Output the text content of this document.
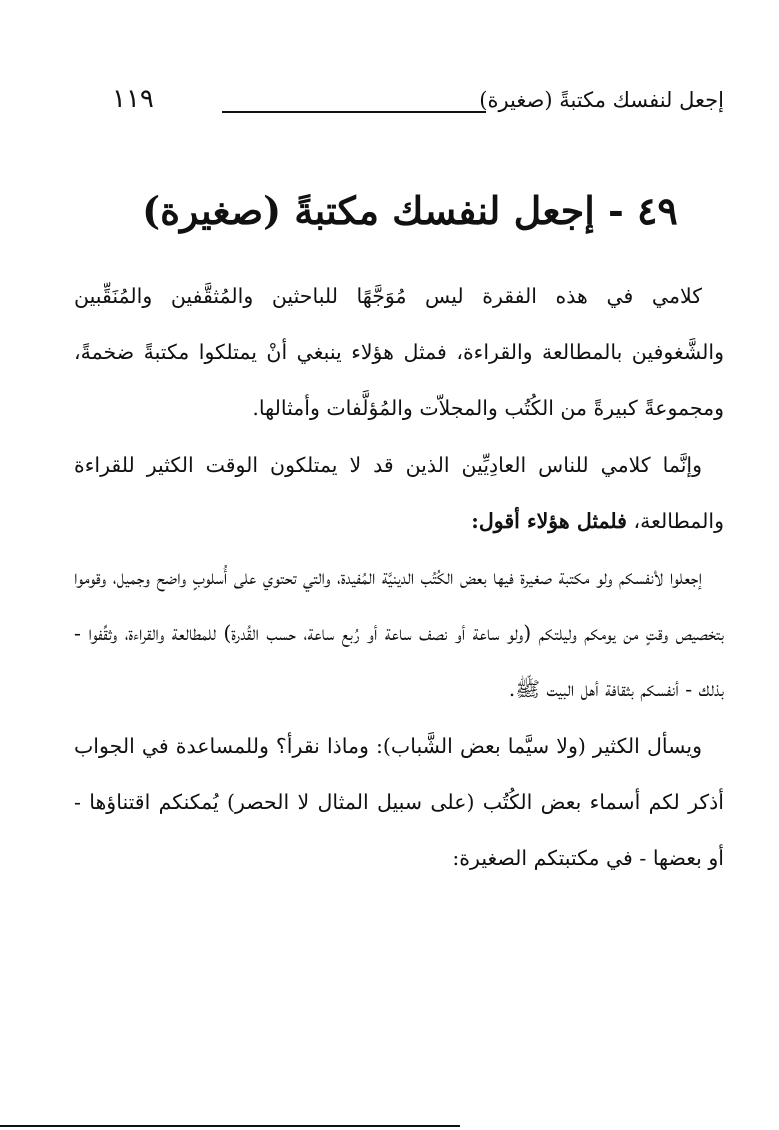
إجعل لنفسك مكتبةً (صغيرة)
١١٩
٤٩ - إجعل لنفسك مكتبةً (صغيرة)

كلامي في هذه الفقرة ليس مُوَجَّهًا للباحثين والمُثقَّفين والمُنَقِّبين والشَّغوفين بالمطالعة والقراءة، فمثل هؤلاء ينبغي أنْ يمتلكوا مكتبةً ضخمةً، ومجموعةً كبيرةً من الكُتُب والمجلاّت والمُؤلَّفات وأمثالها.

وإنَّما كلامي للناس العادِيِّين الذين قد لا يمتلكون الوقت الكثير للقراءة والمطالعة، فلمثل هؤلاء أقول:

إجعلوا لأنفسكم ولو مكتبة صغيرة فيها بعض الكُتُب الدينيَّة المُفيدة، والتي تحتوي على أُسلوبٍ واضح وجميل، وقوموا بتخصيص وقتٍ من يومكم وليلتكم (ولو ساعة أو نصف ساعة أو رُبع ساعة، حسب القُدرة) للمطالعة والقراءة، وثقِّفوا - بذلك - أنفسكم بثقافة أهل البيت ﷺ.

ويسأل الكثير (ولا سيَّما بعض الشَّباب): وماذا نقرأ؟ وللمساعدة في الجواب أذكر لكم أسماء بعض الكُتُب (على سبيل المثال لا الحصر) يُمكنكم اقتناؤها - أو بعضها - في مكتبتكم الصغيرة:
